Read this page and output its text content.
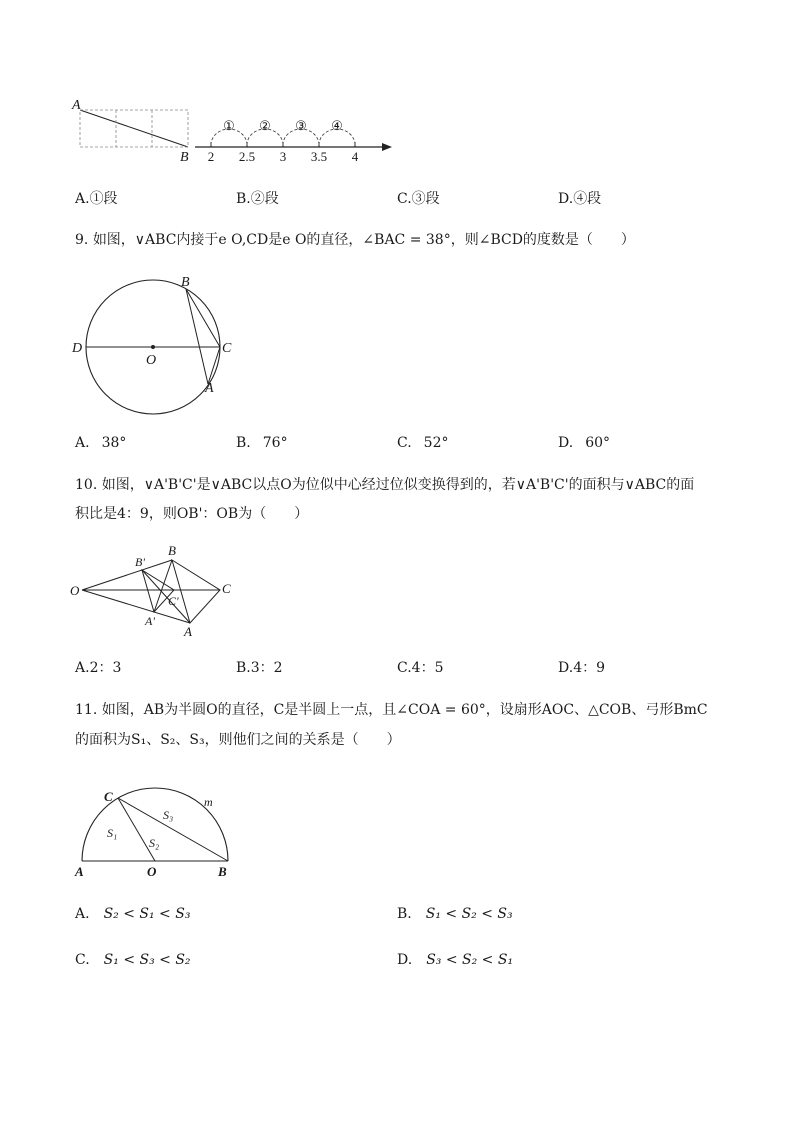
A
B 2 2.5 3 3.5 4
① ② ③ ④
A.①段	B.②段	C.③段	D.④段
9. 如图，∨ABC内接于e O,CD是e O的直径，∠BAC = 38°，则∠BCD的度数是（　　）
B
D
O
C
A
A. 38°	B. 76°	C. 52°	D. 60°
10. 如图，∨A'B'C'是∨ABC以点O为位似中心经过位似变换得到的，若∨A'B'C'的面积与∨ABC的面
积比是4：9，则OB'：OB为（　　）
O
B'
B
C
C'
A'
A
A.2：3	B.3：2	C.4：5	D.4：9
11. 如图，AB为半圆O的直径，C是半圆上一点，且∠COA = 60°，设扇形AOC、△COB、弓形BmC
的面积为S₁、S₂、S₃，则他们之间的关系是（　　）
C	m
S₃
S₁
S₂
A	O	B
A. S₂ < S₁ < S₃	B. S₁ < S₂ < S₃
C. S₁ < S₃ < S₂	D. S₃ < S₂ < S₁
